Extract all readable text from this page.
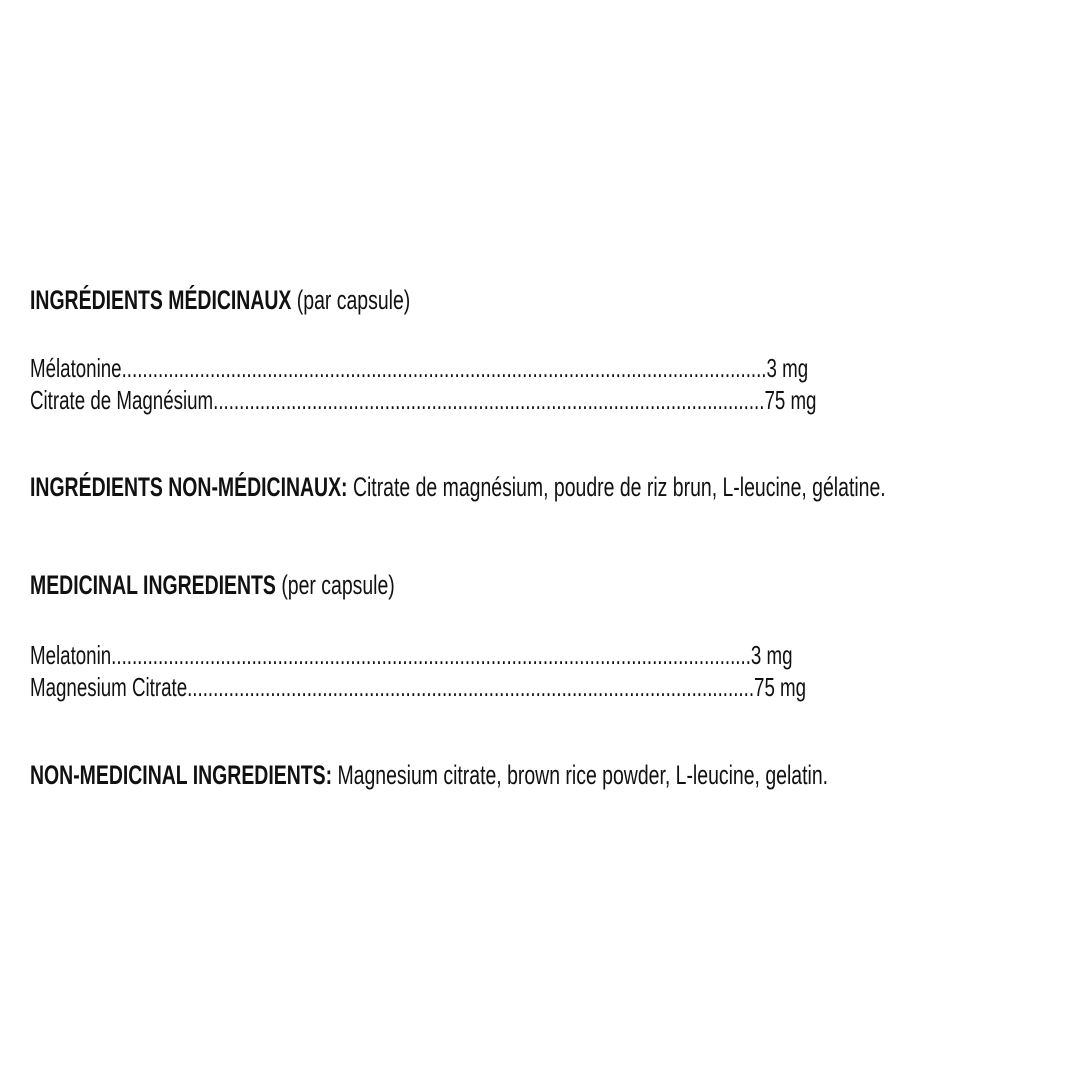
INGRÉDIENTS MÉDICINAUX (par capsule)
Mélatonine............................................................................................................................3 mg
Citrate de Magnésium..........................................................................................................75 mg
INGRÉDIENTS NON-MÉDICINAUX: Citrate de magnésium, poudre de riz brun, L-leucine, gélatine.
MEDICINAL INGREDIENTS (per capsule)
Melatonin...........................................................................................................................3 mg
Magnesium Citrate.............................................................................................................75 mg
NON-MEDICINAL INGREDIENTS: Magnesium citrate, brown rice powder, L-leucine, gelatin.
